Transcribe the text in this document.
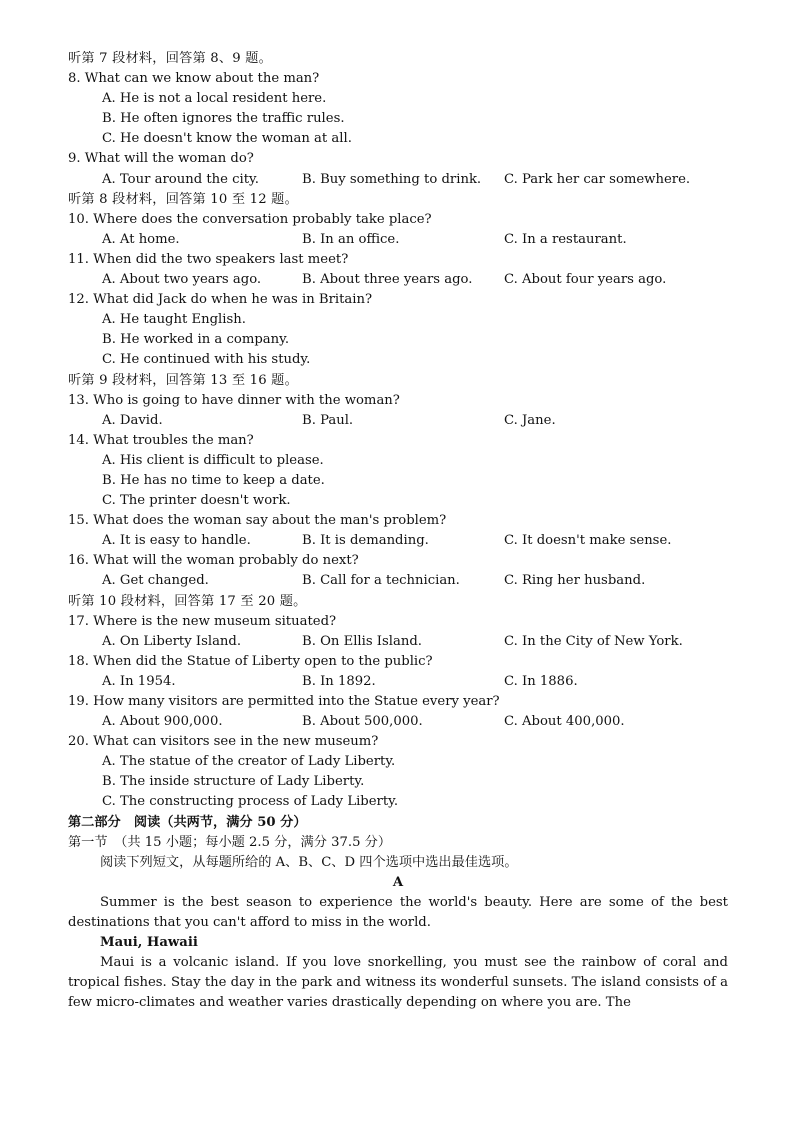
听第 7 段材料，回答第 8、9 题。
8. What can we know about the man?
A. He is not a local resident here.
B. He often ignores the traffic rules.
C. He doesn't know the woman at all.
9. What will the woman do?
A. Tour around the city.	B. Buy something to drink. C. Park her car somewhere.
听第 8 段材料，回答第 10 至 12 题。
10. Where does the conversation probably take place?
A. At home.	B. In an office.	C. In a restaurant.
11. When did the two speakers last meet?
A. About two years ago.	B. About three years ago. C. About four years ago.
12. What did Jack do when he was in Britain?
A. He taught English.
B. He worked in a company.
C. He continued with his study.
听第 9 段材料，回答第 13 至 16 题。
13. Who is going to have dinner with the woman?
A. David.	B. Paul.	C. Jane.
14. What troubles the man?
A. His client is difficult to please.
B. He has no time to keep a date.
C. The printer doesn't work.
15. What does the woman say about the man's problem?
A. It is easy to handle.	B. It is demanding.	C. It doesn't make sense.
16. What will the woman probably do next?
A. Get changed.	B. Call for a technician.	C. Ring her husband.
听第 10 段材料，回答第 17 至 20 题。
17. Where is the new museum situated?
A. On Liberty Island.	B. On Ellis Island.	C. In the City of New York.
18. When did the Statue of Liberty open to the public?
A. In 1954.	B. In 1892.	C. In 1886.
19. How many visitors are permitted into the Statue every year?
A. About 900,000.	B. About 500,000.	C. About 400,000.
20. What can visitors see in the new museum?
A. The statue of the creator of Lady Liberty.
B. The inside structure of Lady Liberty.
C. The constructing process of Lady Liberty.
第二部分　阅读（共两节，满分 50 分）
第一节　（共 15 小题；每小题 2.5 分，满分 37.5 分）
阅读下列短文，从每题所给的 A、B、C、D 四个选项中选出最佳选项。
A
Summer is the best season to experience the world's beauty. Here are some of the best destinations that you can't afford to miss in the world.
Maui, Hawaii
Maui is a volcanic island. If you love snorkelling, you must see the rainbow of coral and tropical fishes. Stay the day in the park and witness its wonderful sunsets. The island consists of a few micro-climates and weather varies drastically depending on where you are. The
